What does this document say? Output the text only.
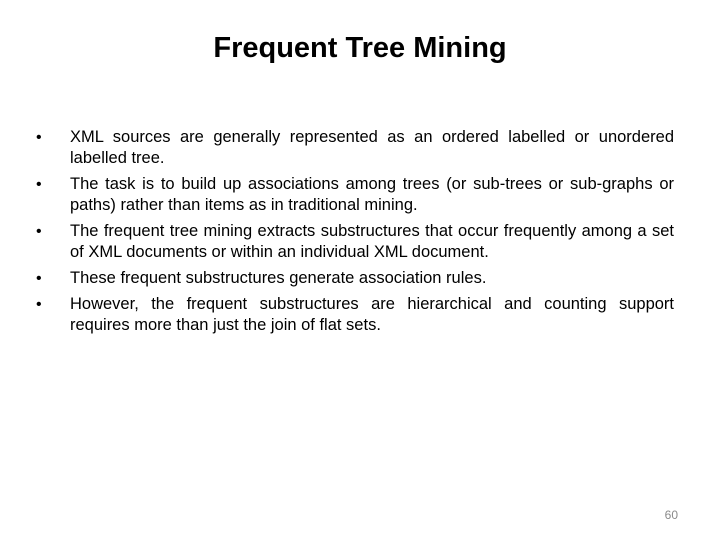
Frequent Tree Mining
•	XML sources are generally represented as an ordered labelled or unordered labelled tree.
•	The task is to build up associations among trees (or sub-trees or sub-graphs or paths) rather than items as in traditional mining.
•	The frequent tree mining extracts substructures that occur frequently among a set of XML documents or within an individual XML document.
•	These frequent substructures generate association rules.
•	However, the frequent substructures are hierarchical and counting support requires more than just the join of flat sets.
60
